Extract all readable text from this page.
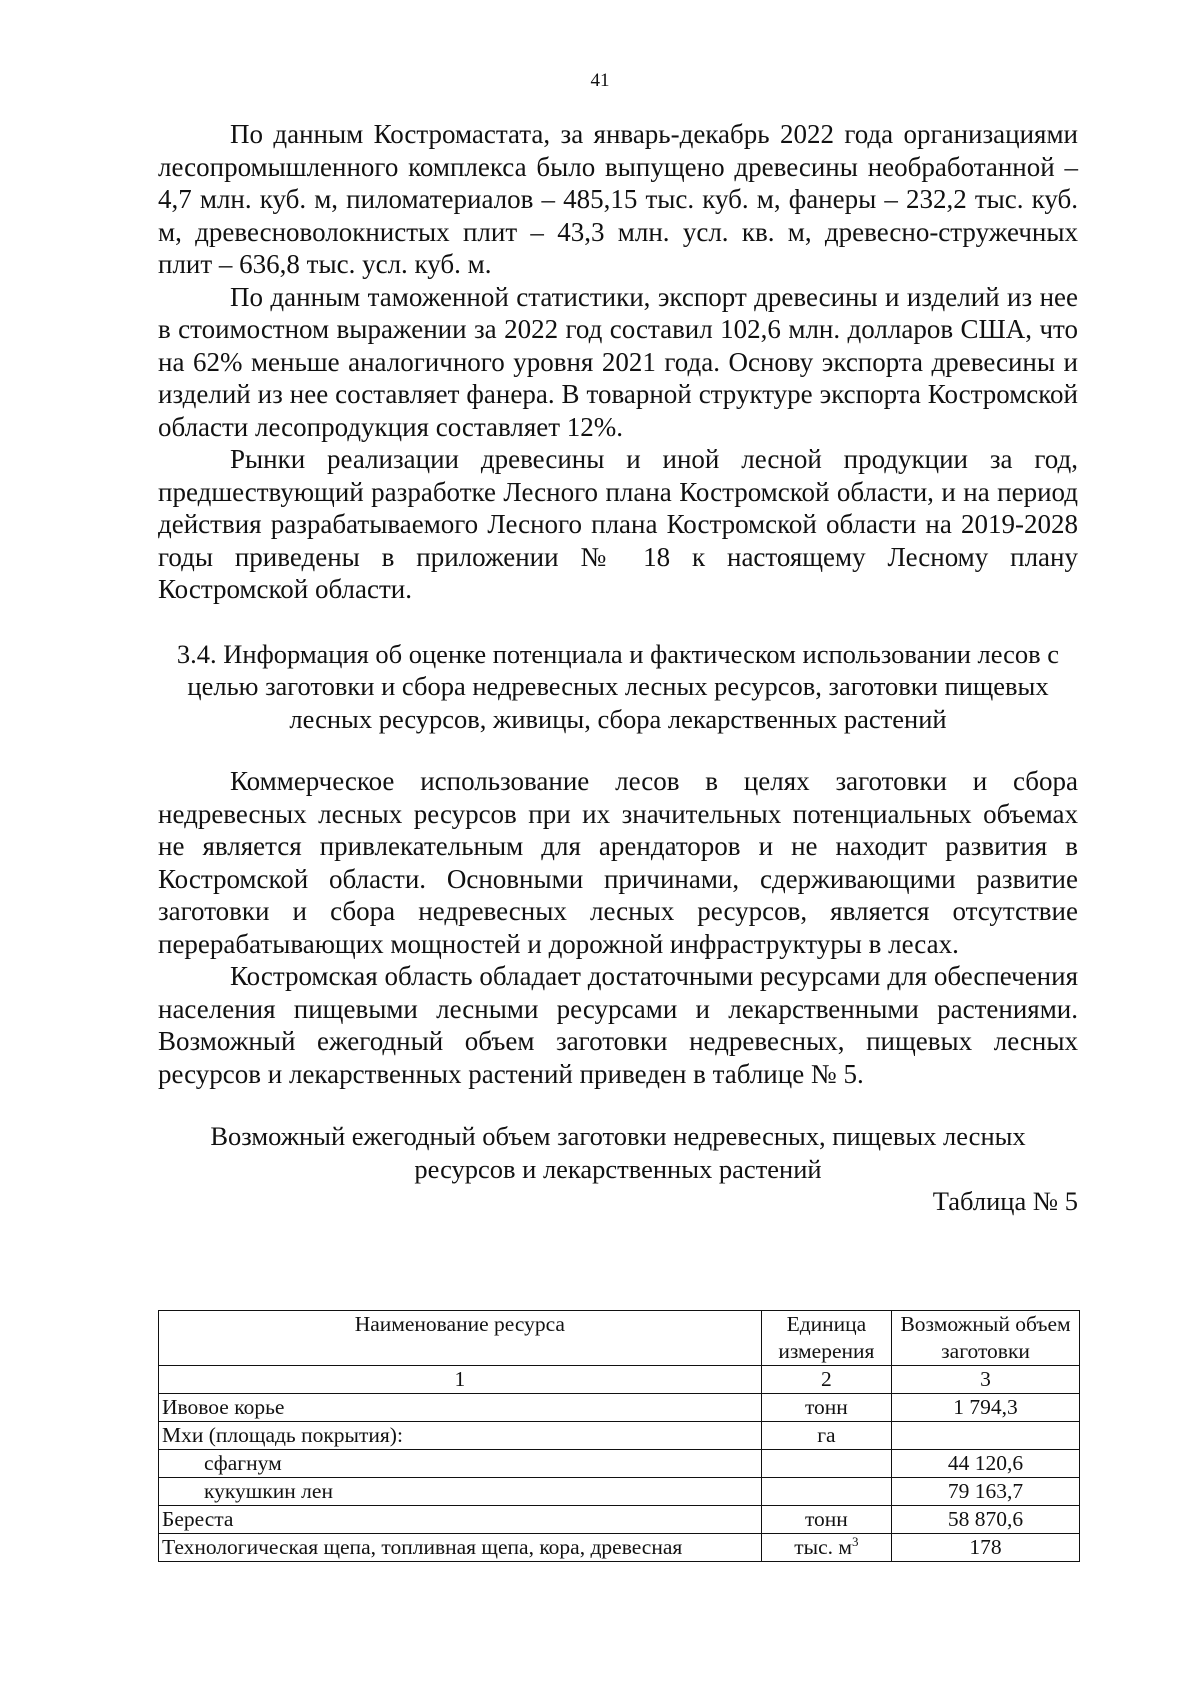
41

По данным Костромастата, за январь-декабрь 2022 года организациями лесопромышленного комплекса было выпущено древесины необработанной – 4,7 млн. куб. м, пиломатериалов – 485,15 тыс. куб. м, фанеры – 232,2 тыс. куб. м, древесноволокнистых плит – 43,3 млн. усл. кв. м, древесно-стружечных плит – 636,8 тыс. усл. куб. м.

По данным таможенной статистики, экспорт древесины и изделий из нее в стоимостном выражении за 2022 год составил 102,6 млн. долларов США, что на 62% меньше аналогичного уровня 2021 года. Основу экспорта древесины и изделий из нее составляет фанера. В товарной структуре экспорта Костромской области лесопродукция составляет 12%.

Рынки реализации древесины и иной лесной продукции за год, предшествующий разработке Лесного плана Костромской области, и на период действия разрабатываемого Лесного плана Костромской области на 2019-2028 годы приведены в приложении № 18 к настоящему Лесному плану Костромской области.

3.4. Информация об оценке потенциала и фактическом использовании лесов с целью заготовки и сбора недревесных лесных ресурсов, заготовки пищевых лесных ресурсов, живицы, сбора лекарственных растений

Коммерческое использование лесов в целях заготовки и сбора недревесных лесных ресурсов при их значительных потенциальных объемах не является привлекательным для арендаторов и не находит развития в Костромской области. Основными причинами, сдерживающими развитие заготовки и сбора недревесных лесных ресурсов, является отсутствие перерабатывающих мощностей и дорожной инфраструктуры в лесах.

Костромская область обладает достаточными ресурсами для обеспечения населения пищевыми лесными ресурсами и лекарственными растениями. Возможный ежегодный объем заготовки недревесных, пищевых лесных ресурсов и лекарственных растений приведен в таблице № 5.

Возможный ежегодный объем заготовки недревесных, пищевых лесных ресурсов и лекарственных растений

Таблица № 5

Наименование ресурса	Единица измерения	Возможный объем заготовки
1	2	3
Ивовое корье	тонн	1 794,3
Мхи (площадь покрытия):	га	
сфагнум		44 120,6
кукушкин лен		79 163,7
Береста	тонн	58 870,6
Технологическая щепа, топливная щепа, кора, древесная	тыс. $м^3$	178
